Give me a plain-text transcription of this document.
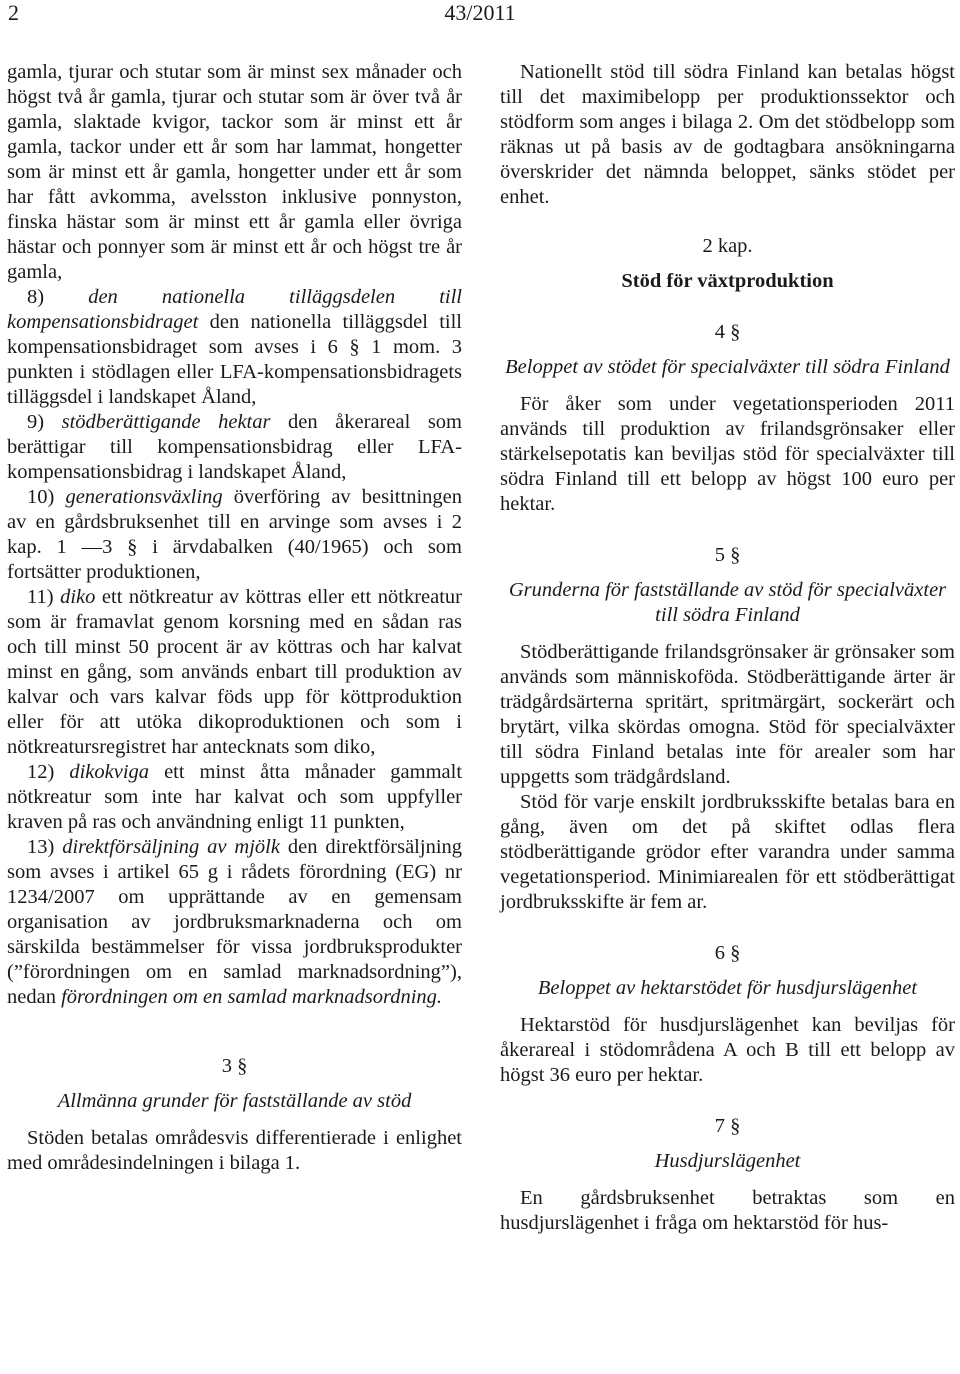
2	43/2011

gamla, tjurar och stutar som är minst sex månader och högst två år gamla, tjurar och stutar som är över två år gamla, slaktade kvigor, tackor som är minst ett år gamla, tackor under ett år som har lammat, hongetter som är minst ett år gamla, hongetter under ett år som har fått avkomma, avelsston inklusive ponnyston, finska hästar som är minst ett år gamla eller övriga hästar och ponnyer som är minst ett år och högst tre år gamla,

8) den nationella tilläggsdelen till kompensationsbidraget den nationella tilläggsdel till kompensationsbidraget som avses i 6 § 1 mom. 3 punkten i stödlagen eller LFA-kompensationsbidragets tilläggsdel i landskapet Åland,

9) stödberättigande hektar den åkerareal som berättigar till kompensationsbidrag eller LFA-kompensationsbidrag i landskapet Åland,

10) generationsväxling överföring av besittningen av en gårdsbruksenhet till en arvinge som avses i 2 kap. 1 —3 § i ärvdabalken (40/1965) och som fortsätter produktionen,

11) diko ett nötkreatur av köttras eller ett nötkreatur som är framavlat genom korsning med en sådan ras och till minst 50 procent är av köttras och har kalvat minst en gång, som används enbart till produktion av kalvar och vars kalvar föds upp för köttproduktion eller för att utöka dikoproduktionen och som i nötkreatursregistret har antecknats som diko,

12) dikokviga ett minst åtta månader gammalt nötkreatur som inte har kalvat och som uppfyller kraven på ras och användning enligt 11 punkten,

13) direktförsäljning av mjölk den direktförsäljning som avses i artikel 65 g i rådets förordning (EG) nr 1234/2007 om upprättande av en gemensam organisation av jordbruksmarknaderna och om särskilda bestämmelser för vissa jordbruksprodukter (”förordningen om en samlad marknadsordning”), nedan förordningen om en samlad marknadsordning.

3 §
Allmänna grunder för fastställande av stöd

Stöden betalas områdesvis differentierade i enlighet med områdesindelningen i bilaga 1.

Nationellt stöd till södra Finland kan betalas högst till det maximibelopp per produktionssektor och stödform som anges i bilaga 2. Om det stödbelopp som räknas ut på basis av de godtagbara ansökningarna överskrider det nämnda beloppet, sänks stödet per enhet.

2 kap.
Stöd för växtproduktion
4 §
Beloppet av stödet för specialväxter till södra Finland

För åker som under vegetationsperioden 2011 används till produktion av frilandsgrönsaker eller stärkelsepotatis kan beviljas stöd för specialväxter till södra Finland till ett belopp av högst 100 euro per hektar.

5 §
Grunderna för fastställande av stöd för specialväxter till södra Finland

Stödberättigande frilandsgrönsaker är grönsaker som används som människoföda. Stödberättigande ärter är trädgårdsärterna spritärt, spritmärgärt, sockerärt och brytärt, vilka skördas omogna. Stöd för specialväxter till södra Finland betalas inte för arealer som har uppgetts som trädgårdsland.

Stöd för varje enskilt jordbruksskifte betalas bara en gång, även om det på skiftet odlas flera stödberättigande grödor efter varandra under samma vegetationsperiod. Minimiarealen för ett stödberättigat jordbruksskifte är fem ar.

6 §
Beloppet av hektarstödet för husdjurslägenhet

Hektarstöd för husdjurslägenhet kan beviljas för åkerareal i stödområdena A och B till ett belopp av högst 36 euro per hektar.

7 §
Husdjurslägenhet

En gårdsbruksenhet betraktas som en husdjurslägenhet i fråga om hektarstöd för hus-
